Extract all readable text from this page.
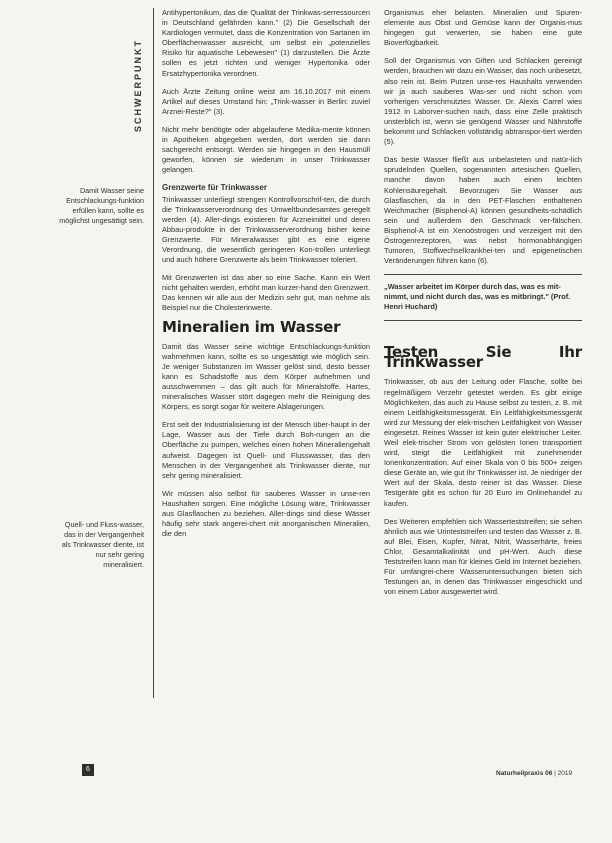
SCHWERPUNKT
Damit Wasser seine Entschlackungs-funktion erfüllen kann, sollte es möglichst ungesättigt sein.
Quell- und Fluss-wasser, das in der Vergangenheit als Trinkwasser diente, ist nur sehr gering mineralisiert.

Antihypertonikum, das die Qualität der Trinkwas-serressourcen in Deutschland gefährden kann." (2) Die Gesellschaft der Kardiologen vermutet, dass die Konzentration von Sartanen im Oberflächenwasser ausreicht, um selbst ein „potenzielles Risiko für aquatische Lebewesen" (1) darzustellen. Die Ärzte sollen es jetzt richten und weniger Hypertonika oder Ersatzhypertonika verordnen.

Auch Ärzte Zeitung online weist am 16.10.2017 mit einem Artikel auf dieses Umstand hin: „Trink-wasser in Berlin: zuviel Arznei-Reste?" (3).

Nicht mehr benötigte oder abgelaufene Medika-mente können in Apotheken abgegeben werden, dort werden sie dann sachgerecht entsorgt. Werden sie hingegen in den Hausmüll geworfen, können sie wiederum in unser Trinkwasser gelangen.

Grenzwerte für Trinkwasser

Trinkwasser unterliegt strengen Kontrollvorschrif-ten, die durch die Trinkwasserverordnung des Umweltbundesamtes geregelt werden (4). Aller-dings existieren für Arzneimittel und deren Abbau-produkte in der Trinkwasserverordnung bisher keine Grenzwerte. Für Mineralwasser gibt es eine eigene Verordnung, die wesentlich geringeren Kon-trollen unterliegt und auch höhere Grenzwerte als beim Trinkwasser toleriert.

Mit Grenzwerten ist das aber so eine Sache. Kann ein Wert nicht gehalten werden, erhöht man kurzer-hand den Grenzwert. Das kennen wir alle aus der Medizin sehr gut, man nehme als Beispiel nur die Cholesterinwerte.

Mineralien im Wasser

Damit das Wasser seine wichtige Entschlackungs-funktion wahrnehmen kann, sollte es so ungesättigt wie möglich sein. Je weniger Substanzen im Wasser gelöst sind, desto besser kann es Schadstoffe aus dem Körper aufnehmen und ausschwemmen – das gilt auch für Mineralstoffe. Hartes, mineralisches Wasser stört dagegen mehr die Reinigung des Körpers, es sorgt sogar für weitere Ablagerungen.

Erst seit der Industrialisierung ist der Mensch über-haupt in der Lage, Wasser aus der Tiefe durch Boh-rungen an die Oberfläche zu pumpen, welches einen hohen Mineraliengehalt aufweist. Dagegen ist Quell- und Flusswasser, das den Menschen in der Vergangenheit als Trinkwasser diente, nur sehr gering mineralisiert.

Wir müssen also selbst für sauberes Wasser in unse-ren Haushalten sorgen. Eine mögliche Lösung wäre, Trinkwasser aus Glasflaschen zu beziehen. Aller-dings sind diese Wässer häufig sehr stark angerei-chert mit anorganischen Mineralien, die den

Organismus eher belasten. Mineralien und Spuren-elemente aus Obst und Gemüse kann der Organis-mus hingegen gut verwerten, sie haben eine gute Bioverfügbarkeit.

Soll der Organismus von Giften und Schlacken gereinigt werden, brauchen wir dazu ein Wasser, das noch unbesetzt, also rein ist. Beim Putzen unse-res Haushalts verwenden wir ja auch sauberes Was-ser und nicht schon vom vorherigen verschmutztes Wasser. Dr. Alexis Carrel wies 1912 in Laborver-suchen nach, dass eine Zelle praktisch unsterblich ist, wenn sie genügend Wasser und Nährstoffe bekommt und Schlacken vollständig abtranspor-tiert werden (5).

Das beste Wasser fließt aus unbelasteten und natür-lich sprudelnden Quellen, sogenannten artesischen Quellen, manche davon haben auch einen leichten Kohlensäuregehalt. Bevorzugen Sie Wasser aus Glasflaschen, da in den PET-Flaschen enthaltenen Weichmacher (Bisphenol-A) können gesundheits-schädlich sein und außerdem den Geschmack ver-fälschen. Bisphenol-A ist ein Xenoöstrogen und verzeigert mit den Östrogenrezeptoren, was nebst hormonabhängigen Tumoren, Stoffwechselkrankhei-ten und epigenetischen Veränderungen führen kann (6).

„Wasser arbeitet im Körper durch das, was es mit-nimmt, und nicht durch das, was es mitbringt." (Prof. Henri Huchard)

Testen Sie Ihr Trinkwasser

Trinkwasser, ob aus der Leitung oder Flasche, sollte bei regelmäßigem Verzehr getestet werden. Es gibt einige Möglichkeiten, das auch zu Hause selbst zu testen, z. B. mit einem Leitfähigkeitsmessgerät. Ein Leitfähigkeitsmessgerät wird zur Messung der elek-trischen Leitfähigkeit von Wasser eingesetzt. Reines Wasser ist kein guter elektrischer Leiter. Weil elek-trischer Strom von gelösten Ionen transportiert wird, steigt die Leitfähigkeit mit zunehmender Ionenkonzentration. Auf einer Skala von 0 bis 500+ zeigen diese Geräte an, wie gut Ihr Trinkwasser ist. Je niedriger der Wert auf der Skala, desto reiner ist das Wasser. Diese Testgeräte gibt es schon für 20 Euro im Onlinehandel zu kaufen.

Des Weiteren empfehlen sich Wasserteststreifen; sie sehen ähnlich aus wie Urinteststreifen und testen das Wasser z. B. auf Blei, Eisen, Kupfer, Nitrat, Nitrit, Wasserhärte, freies Chlor, Gesamtalkalinität und pH-Wert. Auch diese Teststreifen kann man für kleines Geld im Internet beziehen. Für umfangrei-chere Wasseruntersuchungen bieten sich Testungen an, in denen das Trinkwasser eingeschickt und von einem Labor ausgewertet wird.

6
Naturheilpraxis 06 | 2019
